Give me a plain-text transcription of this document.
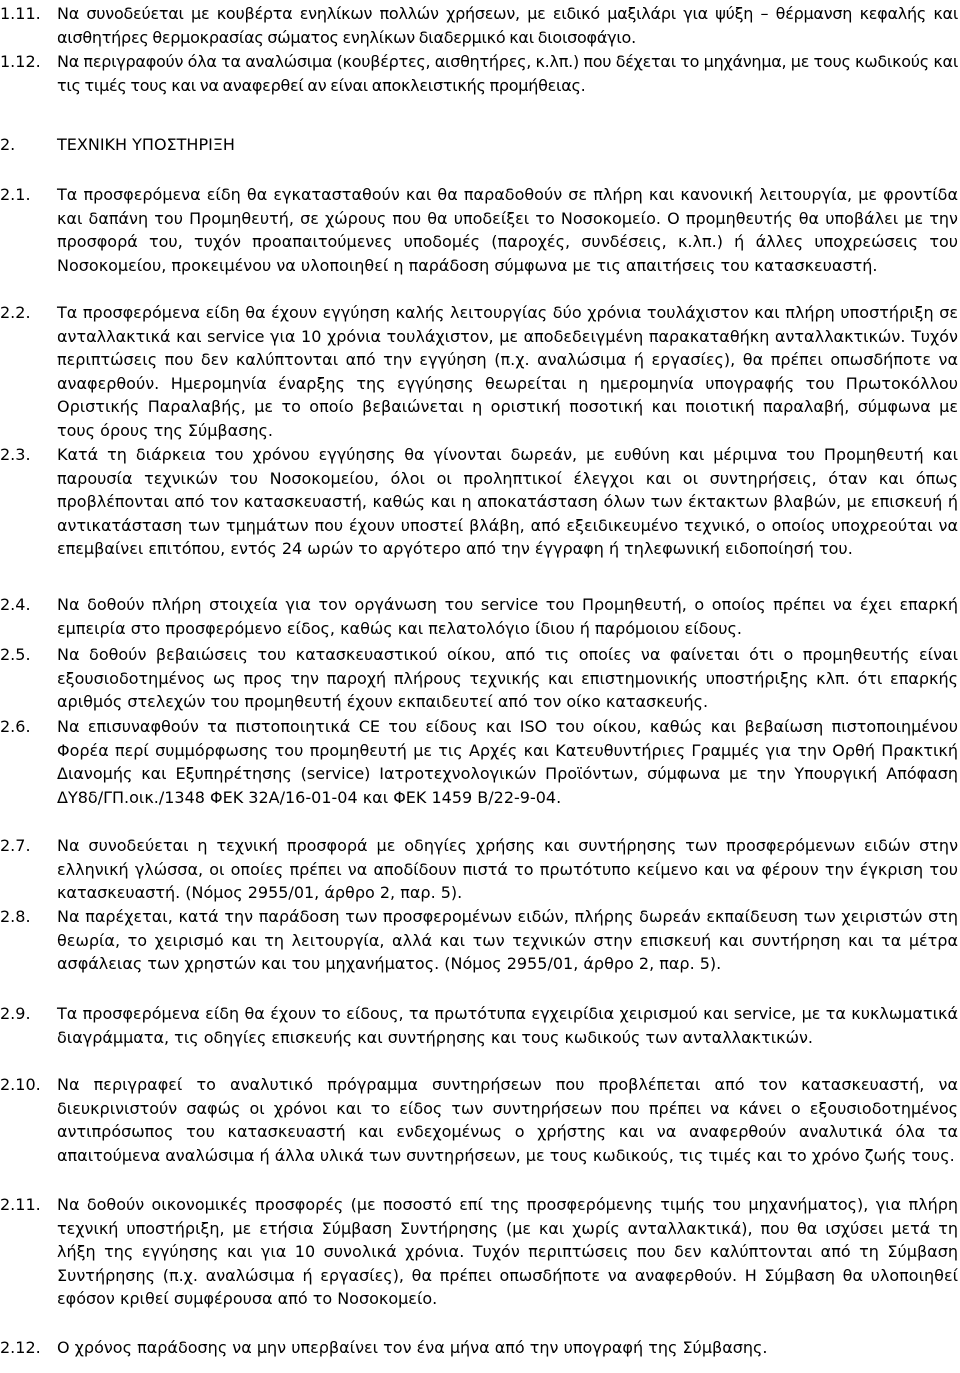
1.11. Να συνοδεύεται με κουβέρτα ενηλίκων πολλών χρήσεων, με ειδικό μαξιλάρι για ψύξη – θέρμανση κεφαλής και αισθητήρες θερμοκρασίας σώματος ενηλίκων διαδερμικό και διοισοφάγιο.
1.12. Να περιγραφούν όλα τα αναλώσιμα (κουβέρτες, αισθητήρες, κ.λπ.) που δέχεται το μηχάνημα, με τους κωδικούς και τις τιμές τους και να αναφερθεί αν είναι αποκλειστικής προμήθειας.
2.	ΤΕΧΝΙΚΗ ΥΠΟΣΤΗΡΙΞΗ
2.1. Τα προσφερόμενα είδη θα εγκατασταθούν και θα παραδοθούν σε πλήρη και κανονική λειτουργία, με φροντίδα και δαπάνη του Προμηθευτή, σε χώρους που θα υποδείξει το Νοσοκομείο. Ο προμηθευτής θα υποβάλει με την προσφορά του, τυχόν προαπαιτούμενες υποδομές (παροχές, συνδέσεις, κ.λπ.) ή άλλες υποχρεώσεις του Νοσοκομείου, προκειμένου να υλοποιηθεί η παράδοση σύμφωνα με τις απαιτήσεις του κατασκευαστή.
2.2. Τα προσφερόμενα είδη θα έχουν εγγύηση καλής λειτουργίας δύο χρόνια τουλάχιστον και πλήρη υποστήριξη σε ανταλλακτικά και service για 10 χρόνια τουλάχιστον, με αποδεδειγμένη παρακαταθήκη ανταλλακτικών. Τυχόν περιπτώσεις που δεν καλύπτονται από την εγγύηση (π.χ. αναλώσιμα ή εργασίες), θα πρέπει οπωσδήποτε να αναφερθούν. Ημερομηνία έναρξης της εγγύησης θεωρείται η ημερομηνία υπογραφής του Πρωτοκόλλου Οριστικής Παραλαβής, με το οποίο βεβαιώνεται η οριστική ποσοτική και ποιοτική παραλαβή, σύμφωνα με τους όρους της Σύμβασης.
2.3. Κατά τη διάρκεια του χρόνου εγγύησης θα γίνονται δωρεάν, με ευθύνη και μέριμνα του Προμηθευτή και παρουσία τεχνικών του Νοσοκομείου, όλοι οι προληπτικοί έλεγχοι και οι συντηρήσεις, όταν και όπως προβλέπονται από τον κατασκευαστή, καθώς και η αποκατάσταση όλων των έκτακτων βλαβών, με επισκευή ή αντικατάσταση των τμημάτων που έχουν υποστεί βλάβη, από εξειδικευμένο τεχνικό, ο οποίος υποχρεούται να επεμβαίνει επιτόπου, εντός 24 ωρών το αργότερο από την έγγραφη ή τηλεφωνική ειδοποίησή του.
2.4. Να δοθούν πλήρη στοιχεία για τον οργάνωση του service του Προμηθευτή, ο οποίος πρέπει να έχει επαρκή εμπειρία στο προσφερόμενο είδος, καθώς και πελατολόγιο ίδιου ή παρόμοιου είδους.
2.5. Να δοθούν βεβαιώσεις του κατασκευαστικού οίκου, από τις οποίες να φαίνεται ότι ο προμηθευτής είναι εξουσιοδοτημένος ως προς την παροχή πλήρους τεχνικής και επιστημονικής υποστήριξης κλπ. ότι επαρκής αριθμός στελεχών του προμηθευτή έχουν εκπαιδευτεί από τον οίκο κατασκευής.
2.6. Να επισυναφθούν τα πιστοποιητικά CE του είδους και ISO του οίκου, καθώς και βεβαίωση πιστοποιημένου Φορέα περί συμμόρφωσης του προμηθευτή με τις Αρχές και Κατευθυντήριες Γραμμές για την Ορθή Πρακτική Διανομής και Εξυπηρέτησης (service) Ιατροτεχνολογικών Προϊόντων, σύμφωνα με την Υπουργική Απόφαση ΔΥ8δ/ΓΠ.οικ./1348 ΦΕΚ 32Α/16-01-04 και ΦΕΚ 1459 Β/22-9-04.
2.7. Να συνοδεύεται η τεχνική προσφορά με οδηγίες χρήσης και συντήρησης των προσφερόμενων ειδών στην ελληνική γλώσσα, οι οποίες πρέπει να αποδίδουν πιστά το πρωτότυπο κείμενο και να φέρουν την έγκριση του κατασκευαστή. (Νόμος 2955/01, άρθρο 2, παρ. 5).
2.8. Να παρέχεται, κατά την παράδοση των προσφερομένων ειδών, πλήρης δωρεάν εκπαίδευση των χειριστών στη θεωρία, το χειρισμό και τη λειτουργία, αλλά και των τεχνικών στην επισκευή και συντήρηση και τα μέτρα ασφάλειας των χρηστών και του μηχανήματος. (Νόμος 2955/01, άρθρο 2, παρ. 5).
2.9. Τα προσφερόμενα είδη θα έχουν το είδους, τα πρωτότυπα εγχειρίδια χειρισμού και service, με τα κυκλωματικά διαγράμματα, τις οδηγίες επισκευής και συντήρησης και τους κωδικούς των ανταλλακτικών.
2.10. Να περιγραφεί το αναλυτικό πρόγραμμα συντηρήσεων που προβλέπεται από τον κατασκευαστή, να διευκρινιστούν σαφώς οι χρόνοι και το είδος των συντηρήσεων που πρέπει να κάνει ο εξουσιοδοτημένος αντιπρόσωπος του κατασκευαστή και ενδεχομένως ο χρήστης και να αναφερθούν αναλυτικά όλα τα απαιτούμενα αναλώσιμα ή άλλα υλικά των συντηρήσεων, με τους κωδικούς, τις τιμές και το χρόνο ζωής τους.
2.11. Να δοθούν οικονομικές προσφορές (με ποσοστό επί της προσφερόμενης τιμής του μηχανήματος), για πλήρη τεχνική υποστήριξη, με ετήσια Σύμβαση Συντήρησης (με και χωρίς ανταλλακτικά), που θα ισχύσει μετά τη λήξη της εγγύησης και για 10 συνολικά χρόνια. Τυχόν περιπτώσεις που δεν καλύπτονται από τη Σύμβαση Συντήρησης (π.χ. αναλώσιμα ή εργασίες), θα πρέπει οπωσδήποτε να αναφερθούν. Η Σύμβαση θα υλοποιηθεί εφόσον κριθεί συμφέρουσα από το Νοσοκομείο.
2.12. Ο χρόνος παράδοσης να μην υπερβαίνει τον ένα μήνα από την υπογραφή της Σύμβασης.
